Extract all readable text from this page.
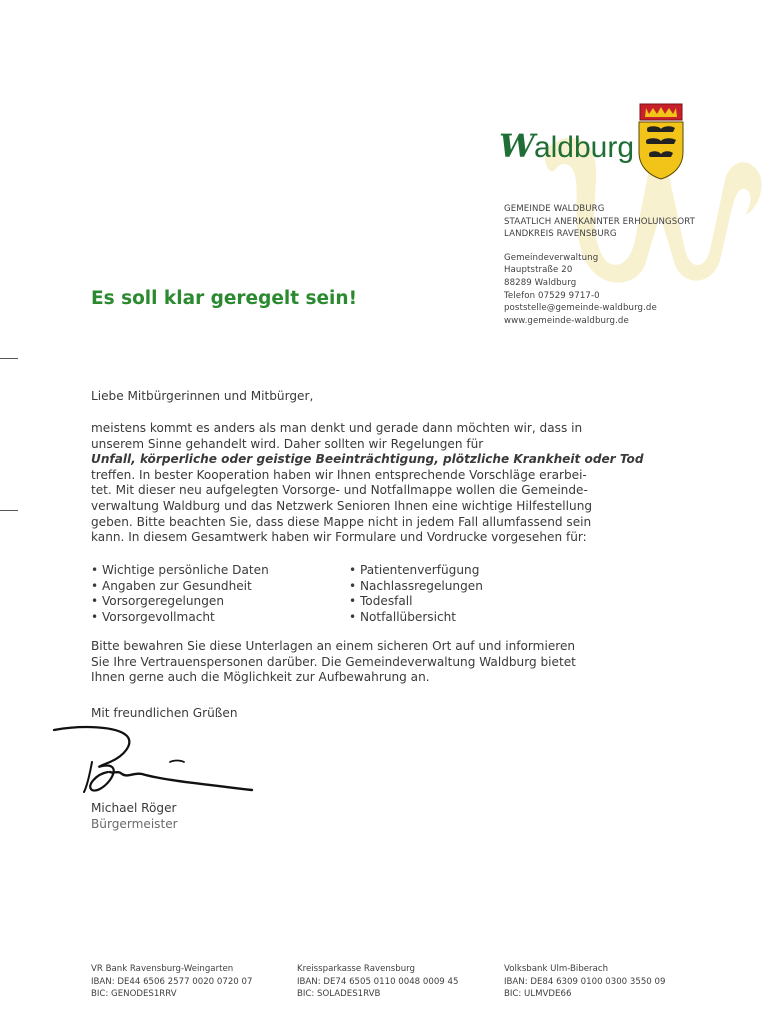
Waldburg
GEMEINDE WALDBURG
STAATLICH ANERKANNTER ERHOLUNGSORT
LANDKREIS RAVENSBURG
Gemeindeverwaltung
Hauptstraße 20
88289 Waldburg
Telefon 07529 9717-0
poststelle@gemeinde-waldburg.de
www.gemeinde-waldburg.de
Es soll klar geregelt sein!

Liebe Mitbürgerinnen und Mitbürger,

meistens kommt es anders als man denkt und gerade dann möchten wir, dass in

unserem Sinne gehandelt wird. Daher sollten wir Regelungen für

Unfall, körperliche oder geistige Beeinträchtigung, plötzliche Krankheit oder Tod

treffen. In bester Kooperation haben wir Ihnen entsprechende Vorschläge erarbei-

tet. Mit dieser neu aufgelegten Vorsorge- und Notfallmappe wollen die Gemeinde-

verwaltung Waldburg und das Netzwerk Senioren Ihnen eine wichtige Hilfestellung

geben. Bitte beachten Sie, dass diese Mappe nicht in jedem Fall allumfassend sein

kann. In diesem Gesamtwerk haben wir Formulare und Vordrucke vorgesehen für:

• Wichtige persönliche Daten
• Angaben zur Gesundheit
• Vorsorgeregelungen
• Vorsorgevollmacht
• Patientenverfügung
• Nachlassregelungen
• Todesfall
• Notfallübersicht

Bitte bewahren Sie diese Unterlagen an einem sicheren Ort auf und informieren

Sie Ihre Vertrauenspersonen darüber. Die Gemeindeverwaltung Waldburg bietet

Ihnen gerne auch die Möglichkeit zur Aufbewahrung an.

Mit freundlichen Grüßen

Michael Röger
Bürgermeister
VR Bank Ravensburg-Weingarten
IBAN: DE44 6506 2577 0020 0720 07
BIC: GENODES1RRV
Kreissparkasse Ravensburg
IBAN: DE74 6505 0110 0048 0009 45
BIC: SOLADES1RVB
Volksbank Ulm-Biberach
IBAN: DE84 6309 0100 0300 3550 09
BIC: ULMVDE66
